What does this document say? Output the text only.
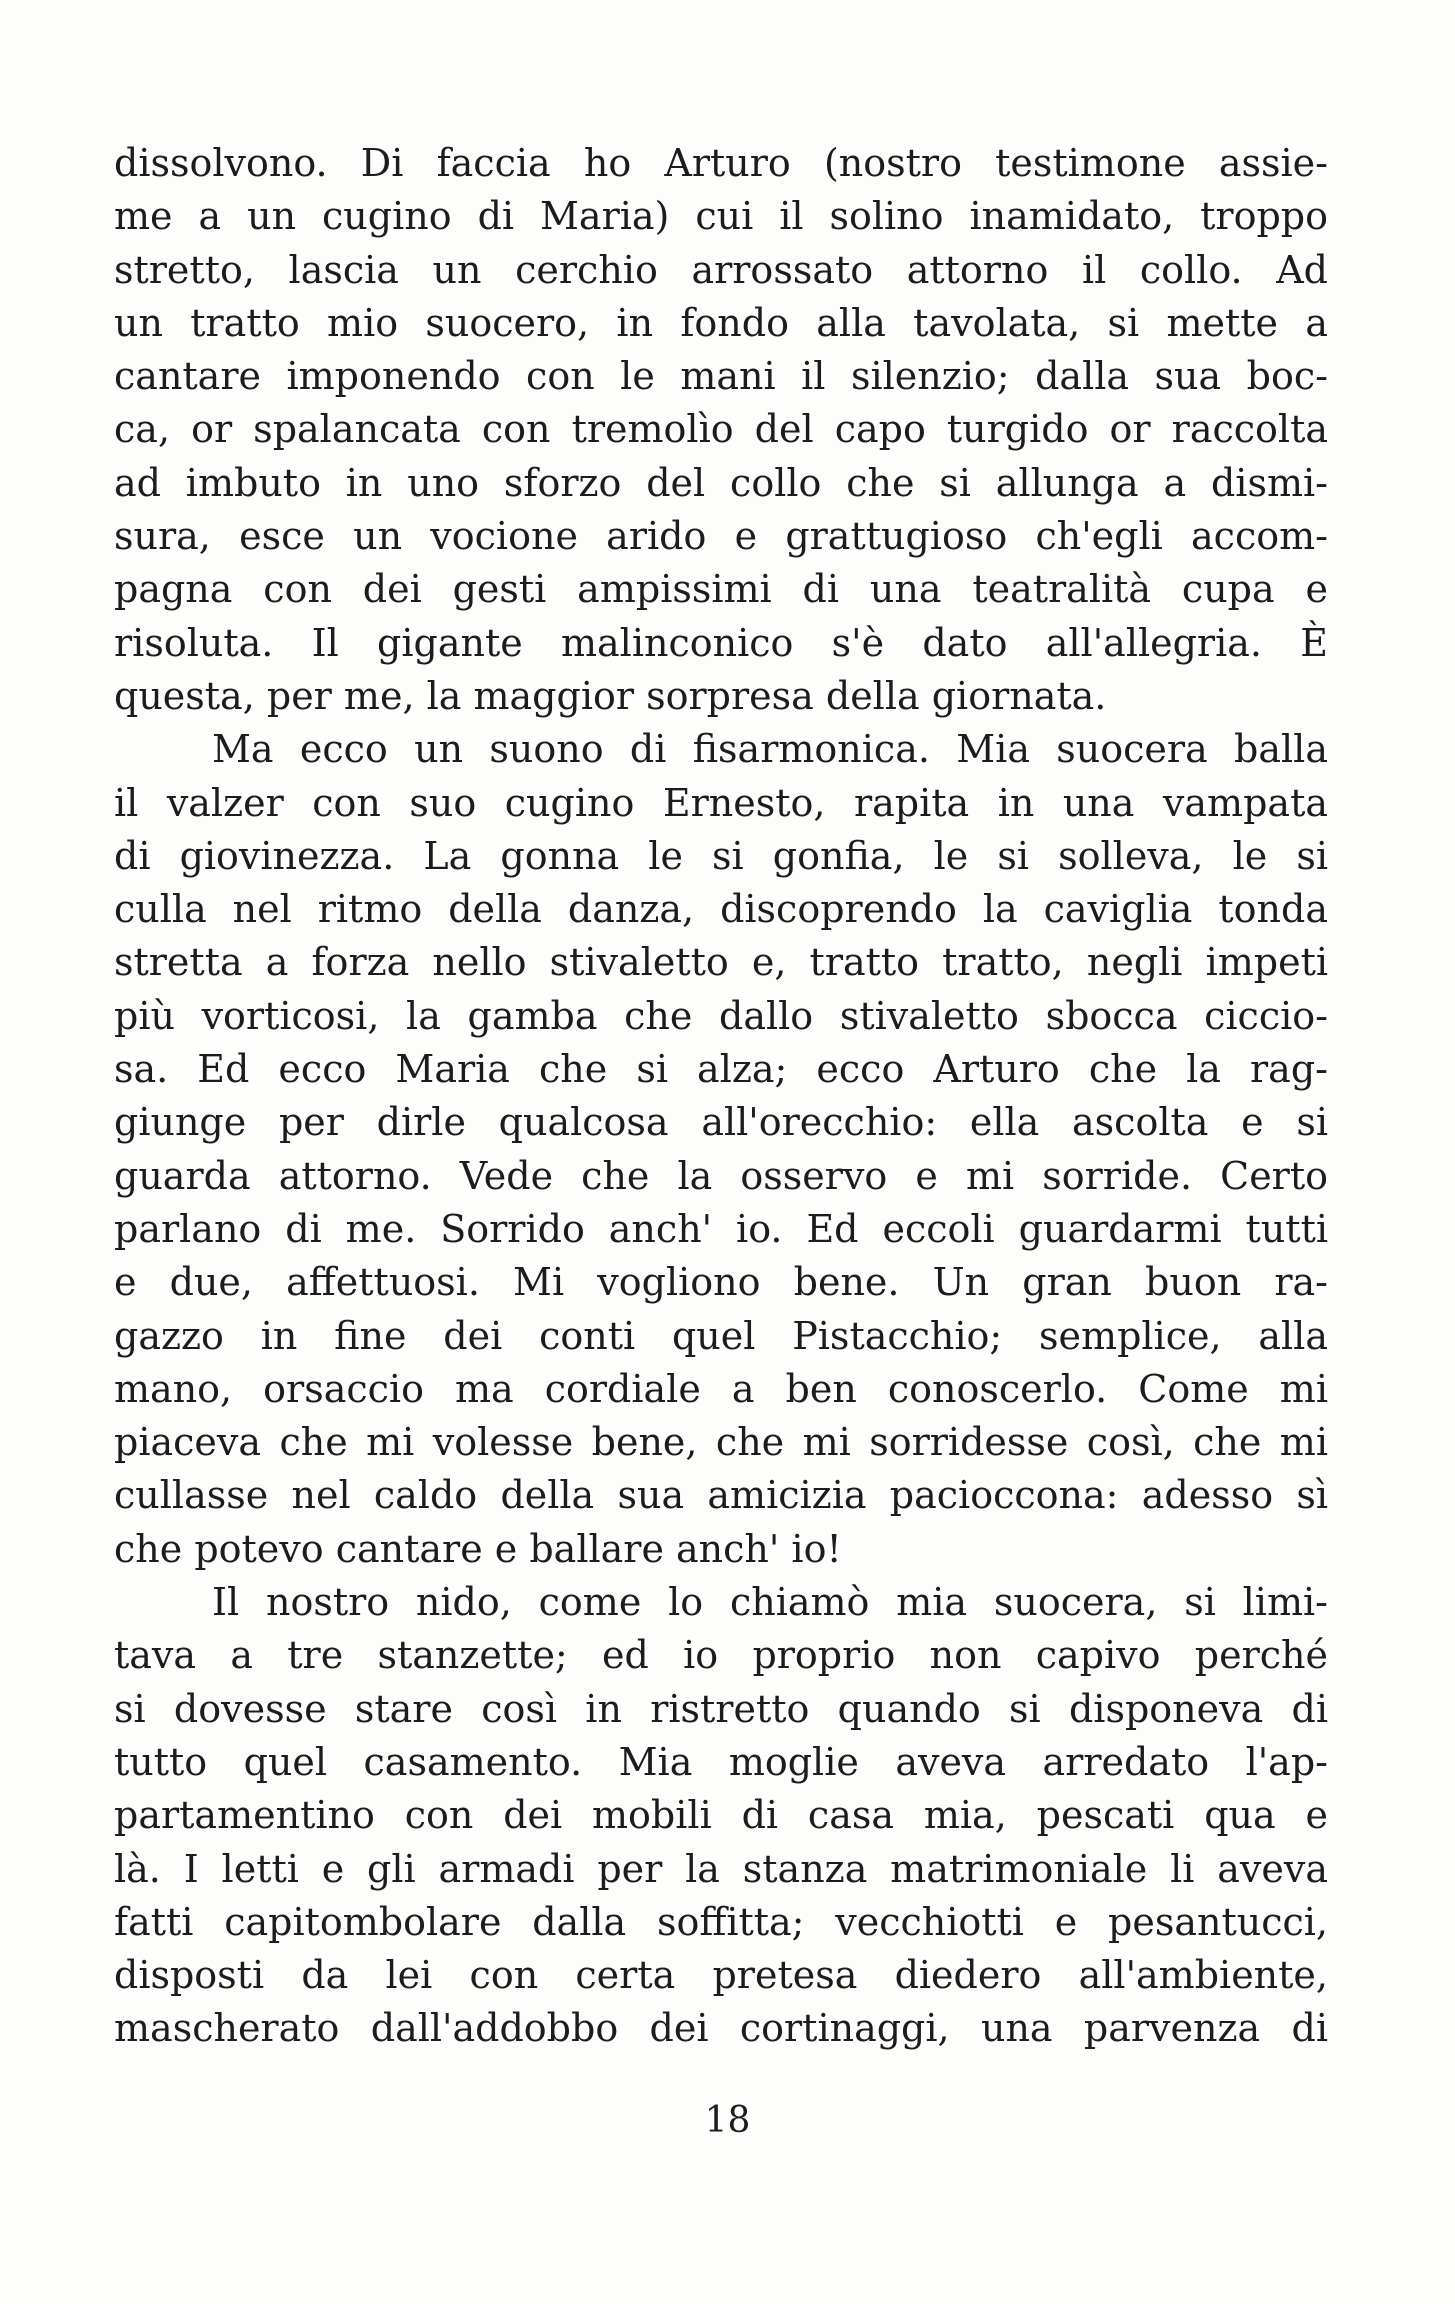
dissolvono. Di faccia ho Arturo (nostro testimone assie-
me a un cugino di Maria) cui il solino inamidato, troppo
stretto, lascia un cerchio arrossato attorno il collo. Ad
un tratto mio suocero, in fondo alla tavolata, si mette a
cantare imponendo con le mani il silenzio; dalla sua boc-
ca, or spalancata con tremolìo del capo turgido or raccolta
ad imbuto in uno sforzo del collo che si allunga a dismi-
sura, esce un vocione arido e grattugioso ch'egli accom-
pagna con dei gesti ampissimi di una teatralità cupa e
risoluta. Il gigante malinconico s'è dato all'allegria. È
questa, per me, la maggior sorpresa della giornata.
Ma ecco un suono di fisarmonica. Mia suocera balla
il valzer con suo cugino Ernesto, rapita in una vampata
di giovinezza. La gonna le si gonfia, le si solleva, le si
culla nel ritmo della danza, discoprendo la caviglia tonda
stretta a forza nello stivaletto e, tratto tratto, negli impeti
più vorticosi, la gamba che dallo stivaletto sbocca ciccio-
sa. Ed ecco Maria che si alza; ecco Arturo che la rag-
giunge per dirle qualcosa all'orecchio: ella ascolta e si
guarda attorno. Vede che la osservo e mi sorride. Certo
parlano di me. Sorrido anch' io. Ed eccoli guardarmi tutti
e due, affettuosi. Mi vogliono bene. Un gran buon ra-
gazzo in fine dei conti quel Pistacchio; semplice, alla
mano, orsaccio ma cordiale a ben conoscerlo. Come mi
piaceva che mi volesse bene, che mi sorridesse così, che mi
cullasse nel caldo della sua amicizia pacioccona: adesso sì
che potevo cantare e ballare anch' io!
Il nostro nido, come lo chiamò mia suocera, si limi-
tava a tre stanzette; ed io proprio non capivo perché
si dovesse stare così in ristretto quando si disponeva di
tutto quel casamento. Mia moglie aveva arredato l'ap-
partamentino con dei mobili di casa mia, pescati qua e
là. I letti e gli armadi per la stanza matrimoniale li aveva
fatti capitombolare dalla soffitta; vecchiotti e pesantucci,
disposti da lei con certa pretesa diedero all'ambiente,
mascherato dall'addobbo dei cortinaggi, una parvenza di
18
